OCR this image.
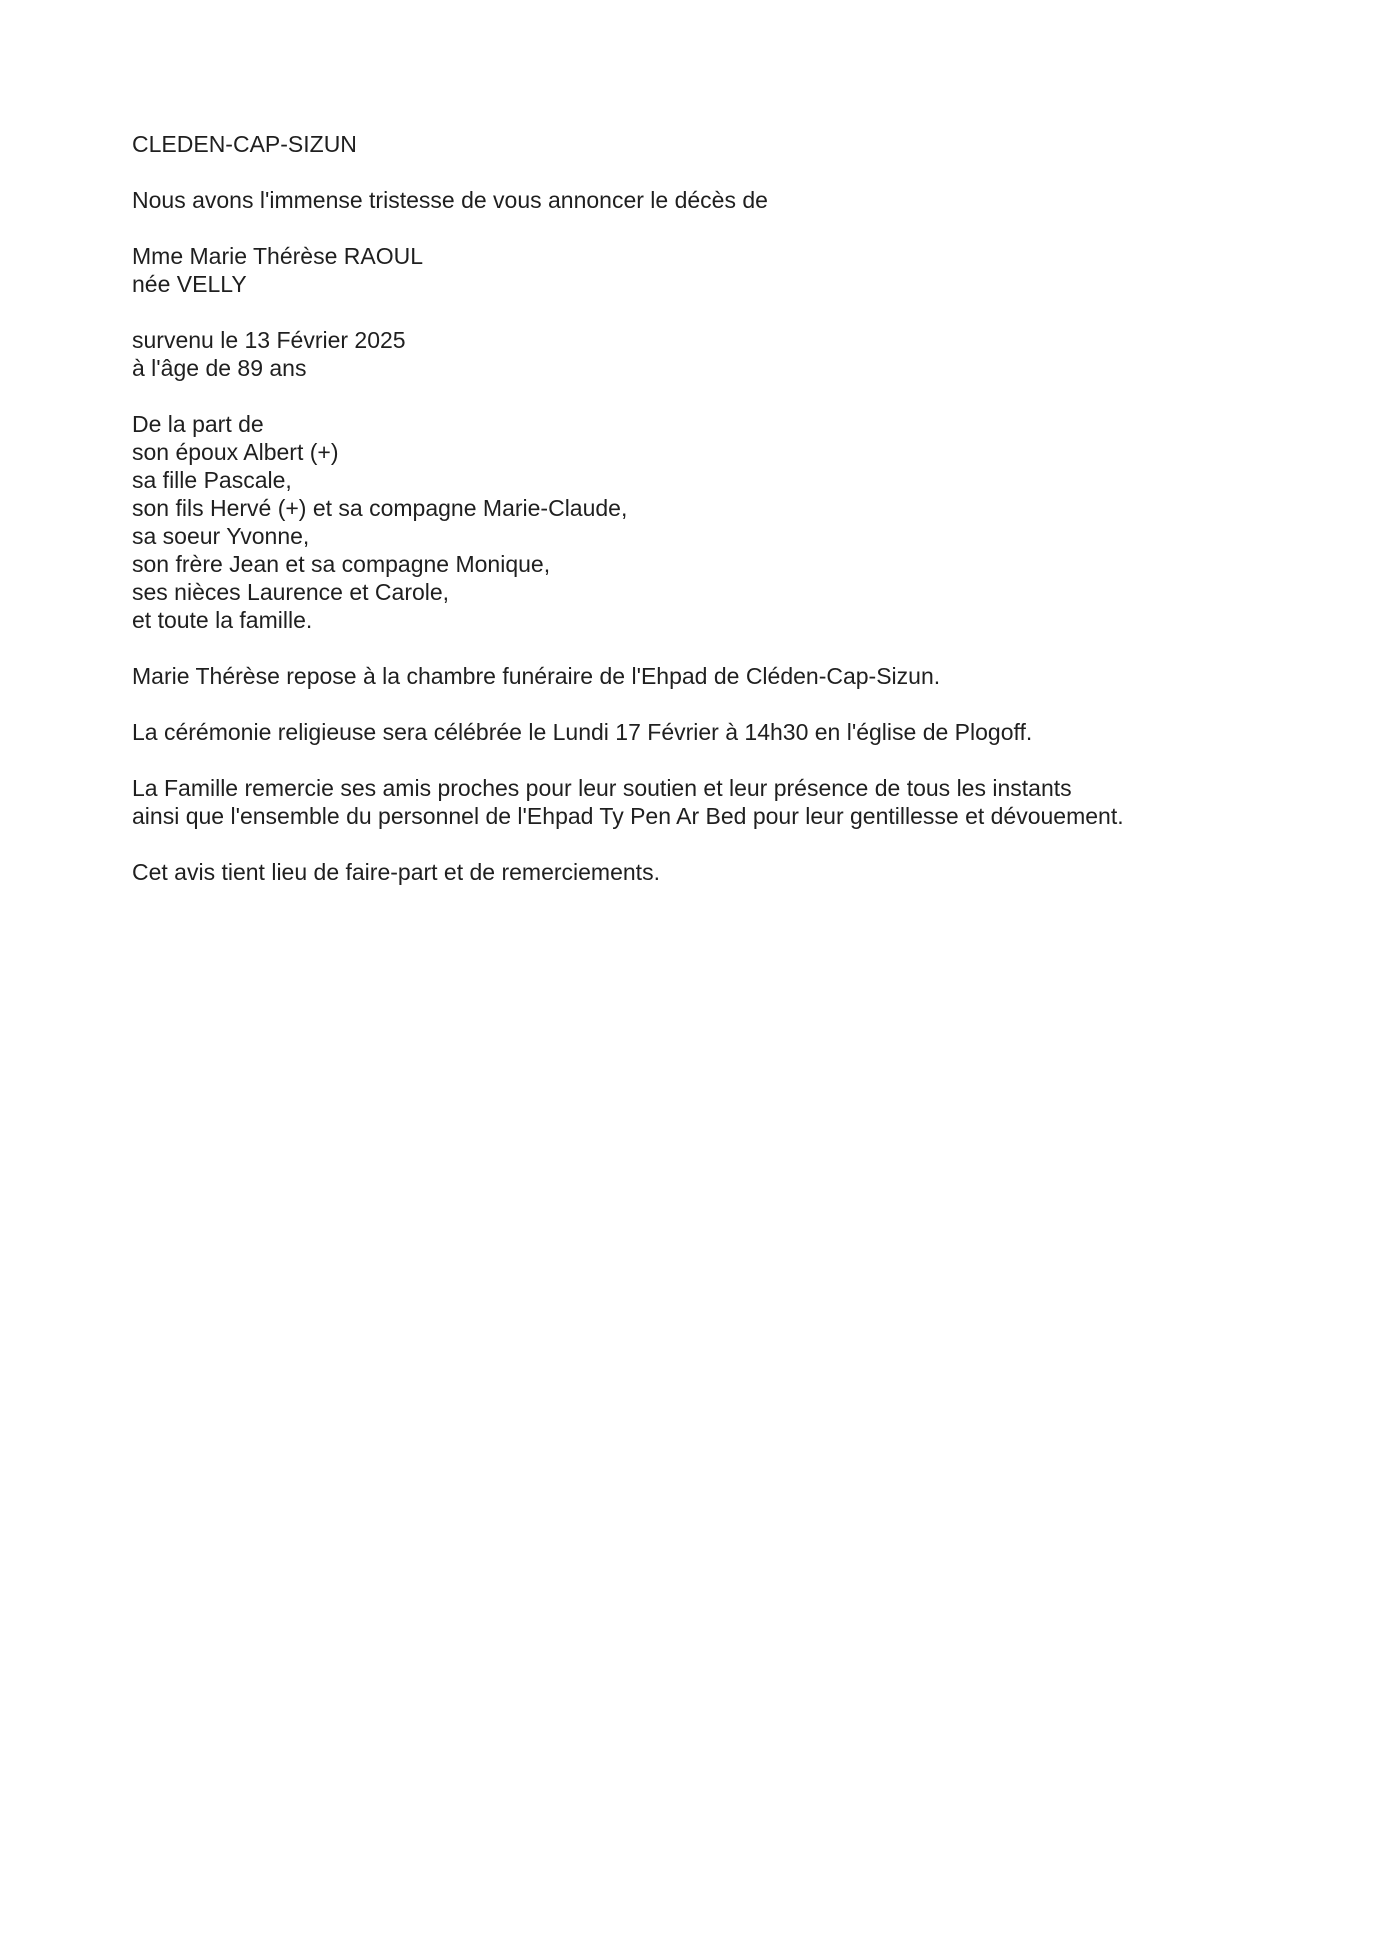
CLEDEN-CAP-SIZUN
Nous avons l'immense tristesse de vous annoncer le décès de
Mme Marie Thérèse RAOUL
née VELLY
survenu le 13 Février 2025
à l'âge de 89 ans
De la part de
son époux Albert (+)
sa fille Pascale,
son fils Hervé (+) et sa compagne Marie-Claude,
sa soeur Yvonne,
son frère Jean et sa compagne Monique,
ses nièces Laurence et Carole,
et toute la famille.
Marie Thérèse repose à la chambre funéraire de l'Ehpad de Cléden-Cap-Sizun.
La cérémonie religieuse sera célébrée le Lundi 17 Février à 14h30 en l'église de Plogoff.
La Famille remercie ses amis proches pour leur soutien et leur présence de tous les instants
ainsi que l'ensemble du personnel de l'Ehpad Ty Pen Ar Bed pour leur gentillesse et dévouement.
Cet avis tient lieu de faire-part et de remerciements.
